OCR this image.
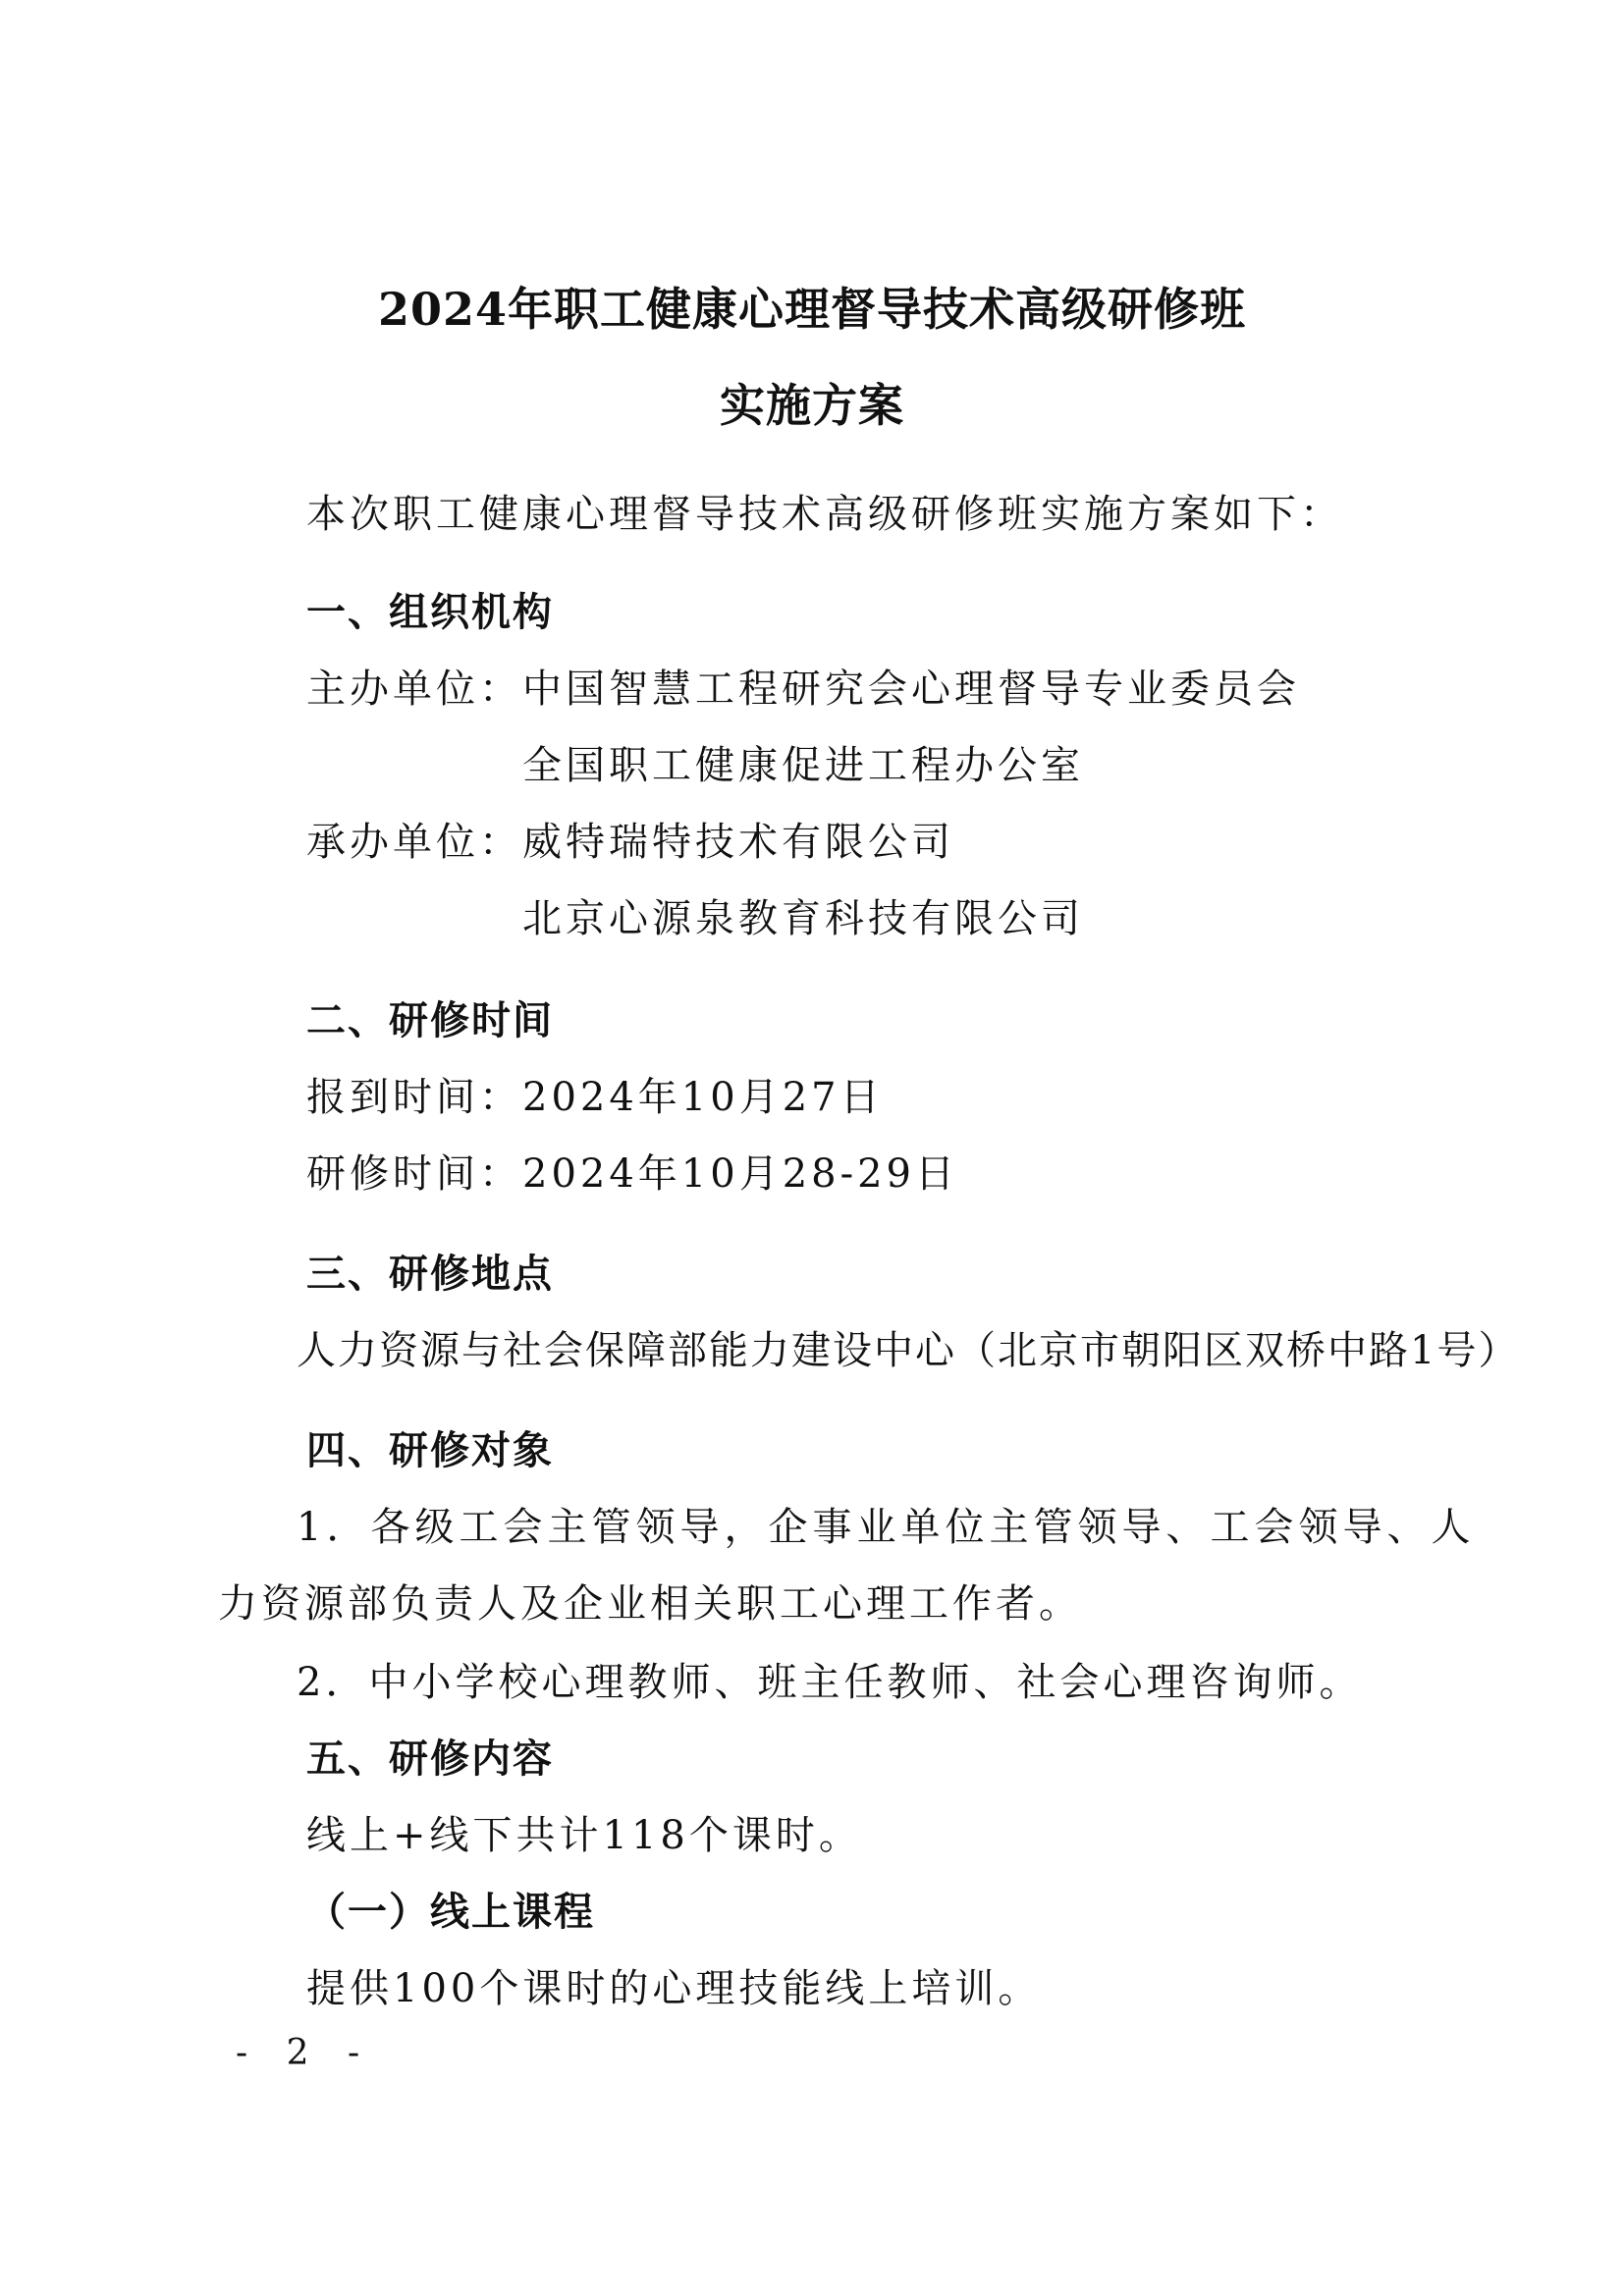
2024年职工健康心理督导技术高级研修班
实施方案
本次职工健康心理督导技术高级研修班实施方案如下：
一、组织机构
主办单位： 中国智慧工程研究会心理督导专业委员会
全国职工健康促进工程办公室
承办单位： 威特瑞特技术有限公司
北京心源泉教育科技有限公司
二、研修时间
报到时间：2024年10月27日
研修时间：2024年10月28-29日
三、研修地点
人力资源与社会保障部能力建设中心（北京市朝阳区双桥中路1号）
四、研修对象
1．各级工会主管领导，企事业单位主管领导、工会领导、人
力资源部负责人及企业相关职工心理工作者。
2．中小学校心理教师、班主任教师、社会心理咨询师。
五、研修内容
线上+线下共计118个课时。
（一）线上课程
提供100个课时的心理技能线上培训。
- 2 -
